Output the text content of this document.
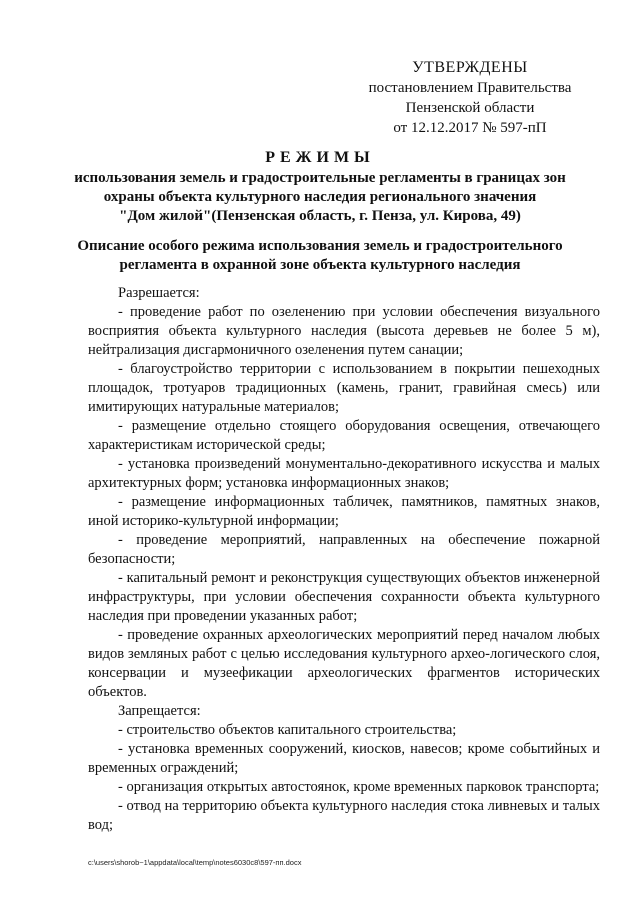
УТВЕРЖДЕНЫ
постановлением Правительства
Пензенской области
от 12.12.2017 № 597-пП
РЕЖИМЫ
использования земель и градостроительные регламенты в границах зон
охраны объекта культурного наследия регионального значения
"Дом жилой"(Пензенская область, г. Пенза, ул. Кирова, 49)
Описание особого режима использования земель и градостроительного
регламента в охранной зоне объекта культурного наследия

Разрешается:

- проведение работ по озеленению при условии обеспечения визуального восприятия объекта культурного наследия (высота деревьев не более 5 м), нейтрализация дисгармоничного озеленения путем санации;

- благоустройство территории с использованием в покрытии пешеходных площадок, тротуаров традиционных (камень, гранит, гравийная смесь) или имитирующих натуральные материалов;

- размещение отдельно стоящего оборудования освещения, отвечающего характеристикам исторической среды;

- установка произведений монументально-декоративного искусства и малых архитектурных форм; установка информационных знаков;

- размещение информационных табличек, памятников, памятных знаков, иной историко-культурной информации;

- проведение мероприятий, направленных на обеспечение пожарной безопасности;

- капитальный ремонт и реконструкция существующих объектов инженерной инфраструктуры, при условии обеспечения сохранности объекта культурного наследия при проведении указанных работ;

- проведение охранных археологических мероприятий перед началом любых видов земляных работ с целью исследования культурного архео-логического слоя, консервации и музеефикации археологических фрагментов исторических объектов.

Запрещается:

- строительство объектов капитального строительства;

- установка временных сооружений, киосков, навесов; кроме событийных и временных ограждений;

- организация открытых автостоянок, кроме временных парковок транспорта;

- отвод на территорию объекта культурного наследия стока ливневых и талых вод;

c:\users\shorob~1\appdata\local\temp\notes6030c8\597-пп.docx
